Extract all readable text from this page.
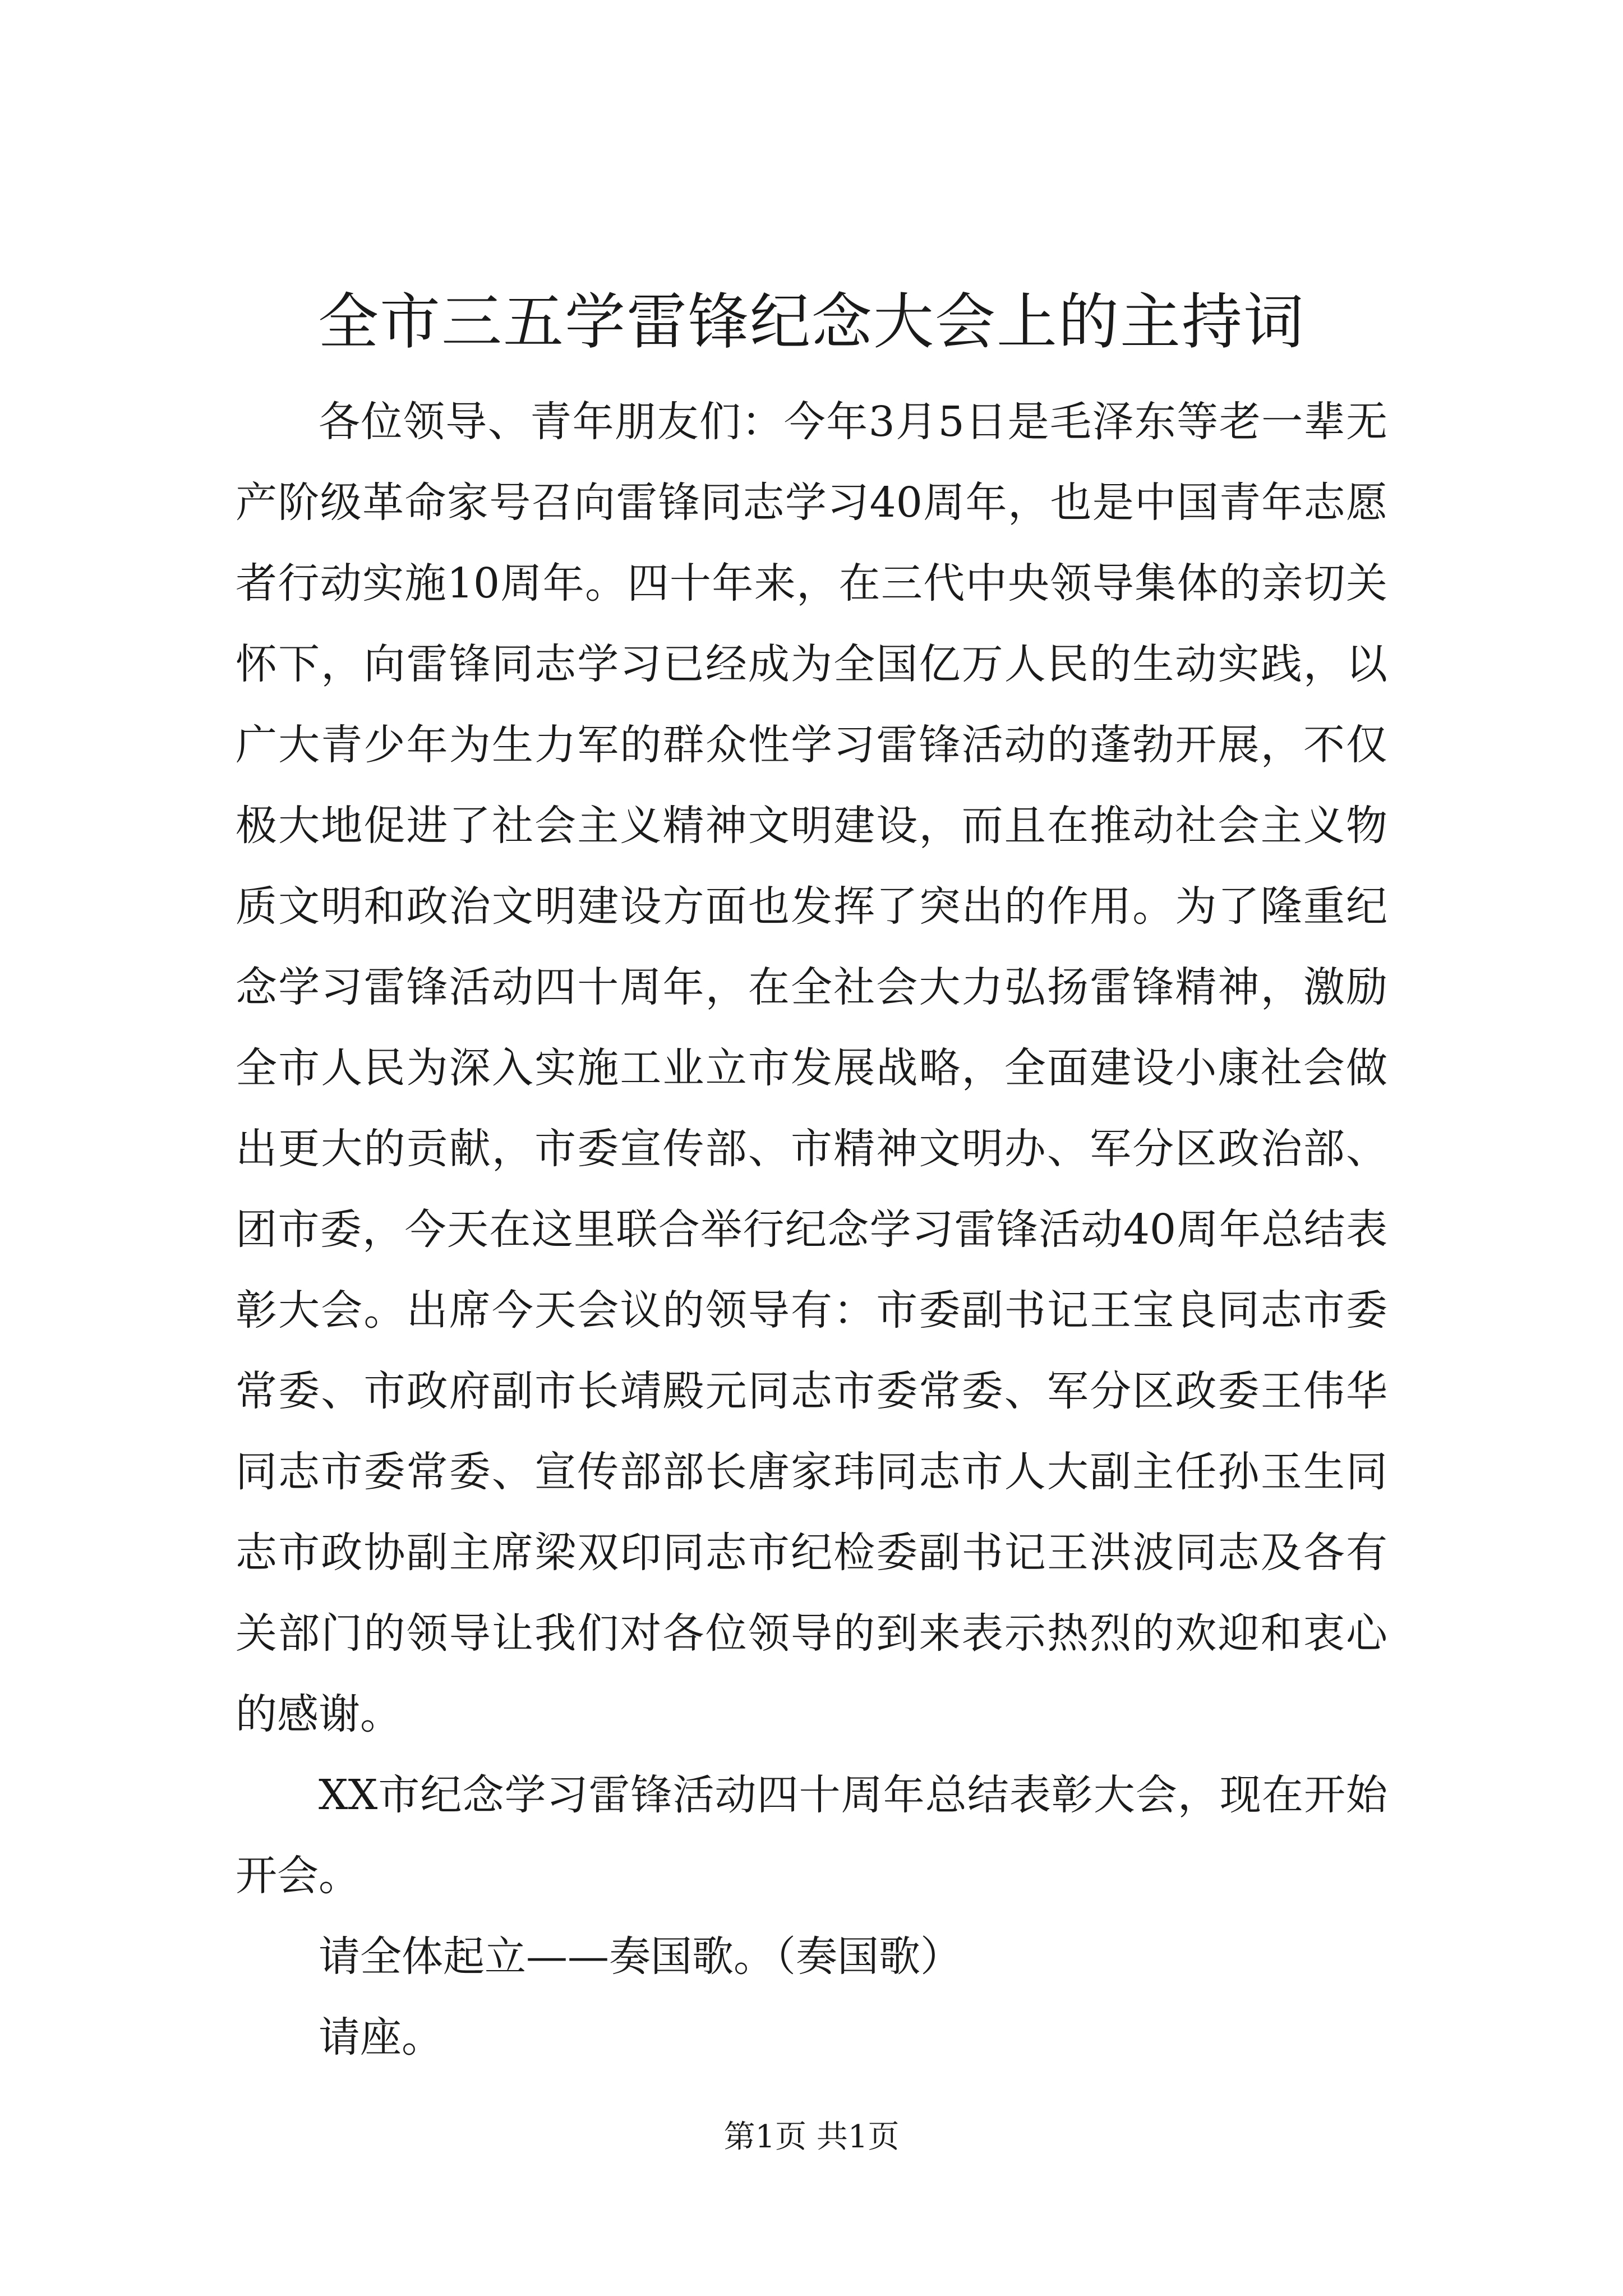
全市三五学雷锋纪念大会上的主持词

各位领导、青年朋友们：今年3月5日是毛泽东等老一辈无产阶级革命家号召向雷锋同志学习40周年，也是中国青年志愿者行动实施10周年。四十年来，在三代中央领导集体的亲切关怀下，向雷锋同志学习已经成为全国亿万人民的生动实践，以广大青少年为生力军的群众性学习雷锋活动的蓬勃开展，不仅极大地促进了社会主义精神文明建设，而且在推动社会主义物质文明和政治文明建设方面也发挥了突出的作用。为了隆重纪念学习雷锋活动四十周年，在全社会大力弘扬雷锋精神，激励全市人民为深入实施工业立市发展战略，全面建设小康社会做出更大的贡献，市委宣传部、市精神文明办、军分区政治部、团市委，今天在这里联合举行纪念学习雷锋活动40周年总结表彰大会。出席今天会议的领导有：市委副书记王宝良同志市委常委、市政府副市长靖殿元同志市委常委、军分区政委王伟华同志市委常委、宣传部部长唐家玮同志市人大副主任孙玉生同志市政协副主席梁双印同志市纪检委副书记王洪波同志及各有关部门的领导让我们对各位领导的到来表示热烈的欢迎和衷心的感谢。

XX市纪念学习雷锋活动四十周年总结表彰大会，现在开始开会。

请全体起立——奏国歌。（奏国歌）

请座。

第1页 共1页
